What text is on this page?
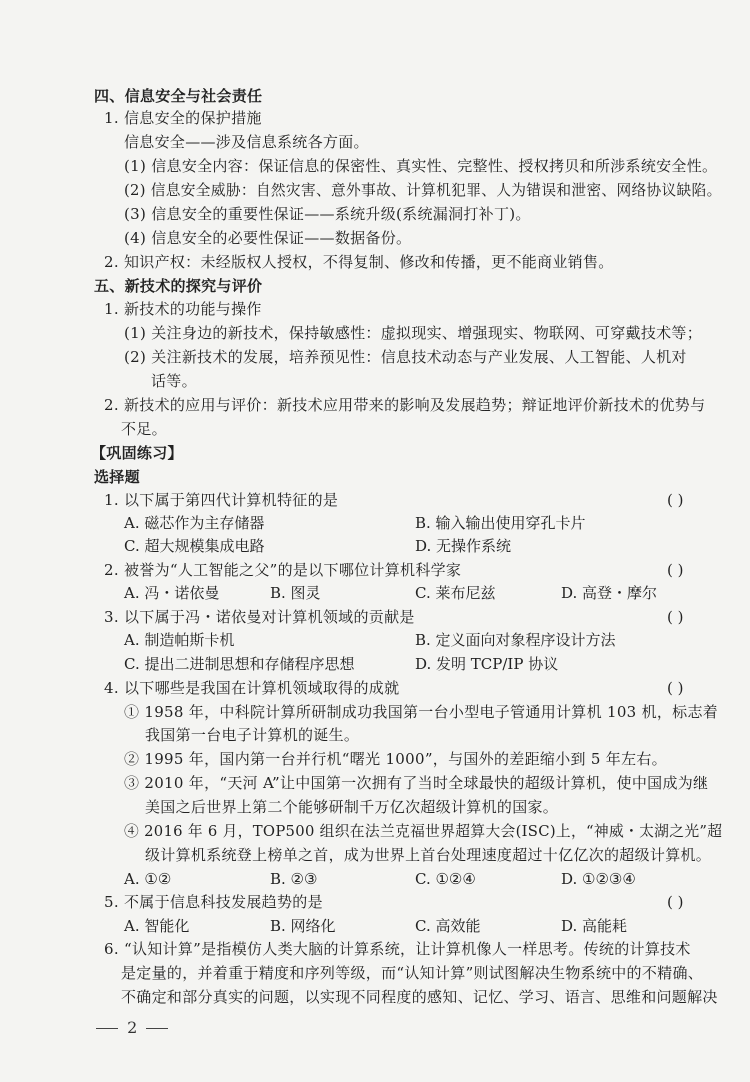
四、信息安全与社会责任

1. 信息安全的保护措施

信息安全——涉及信息系统各方面。

(1) 信息安全内容：保证信息的保密性、真实性、完整性、授权拷贝和所涉系统安全性。

(2) 信息安全威胁：自然灾害、意外事故、计算机犯罪、人为错误和泄密、网络协议缺陷。

(3) 信息安全的重要性保证——系统升级(系统漏洞打补丁)。

(4) 信息安全的必要性保证——数据备份。

2. 知识产权：未经版权人授权，不得复制、修改和传播，更不能商业销售。

五、新技术的探究与评价

1. 新技术的功能与操作

(1) 关注身边的新技术，保持敏感性：虚拟现实、增强现实、物联网、可穿戴技术等；

(2) 关注新技术的发展，培养预见性：信息技术动态与产业发展、人工智能、人机对

话等。

2. 新技术的应用与评价：新技术应用带来的影响及发展趋势；辩证地评价新技术的优势与

不足。

【巩固练习】

选择题

1. 以下属于第四代计算机特征的是	( )
A. 磁芯作为主存储器	B. 输入输出使用穿孔卡片
C. 超大规模集成电路	D. 无操作系统

2. 被誉为“人工智能之父”的是以下哪位计算机科学家	( )
A. 冯・诺依曼	B. 图灵	C. 莱布尼兹	D. 高登・摩尔

3. 以下属于冯・诺依曼对计算机领域的贡献是	( )
A. 制造帕斯卡机	B. 定义面向对象程序设计方法
C. 提出二进制思想和存储程序思想	D. 发明 TCP/IP 协议

4. 以下哪些是我国在计算机领域取得的成就	( )

① 1958 年，中科院计算所研制成功我国第一台小型电子管通用计算机 103 机，标志着

我国第一台电子计算机的诞生。

② 1995 年，国内第一台并行机“曙光 1000”，与国外的差距缩小到 5 年左右。

③ 2010 年，“天河 A”让中国第一次拥有了当时全球最快的超级计算机，使中国成为继

美国之后世界上第二个能够研制千万亿次超级计算机的国家。

④ 2016 年 6 月，TOP500 组织在法兰克福世界超算大会(ISC)上，“神威・太湖之光”超

级计算机系统登上榜单之首，成为世界上首台处理速度超过十亿亿次的超级计算机。

A. ①②	B. ②③	C. ①②④	D. ①②③④

5. 不属于信息科技发展趋势的是	( )
A. 智能化	B. 网络化	C. 高效能	D. 高能耗

6. “认知计算”是指模仿人类大脑的计算系统，让计算机像人一样思考。传统的计算技术

是定量的，并着重于精度和序列等级，而“认知计算”则试图解决生物系统中的不精确、

不确定和部分真实的问题，以实现不同程度的感知、记忆、学习、语言、思维和问题解决

2
